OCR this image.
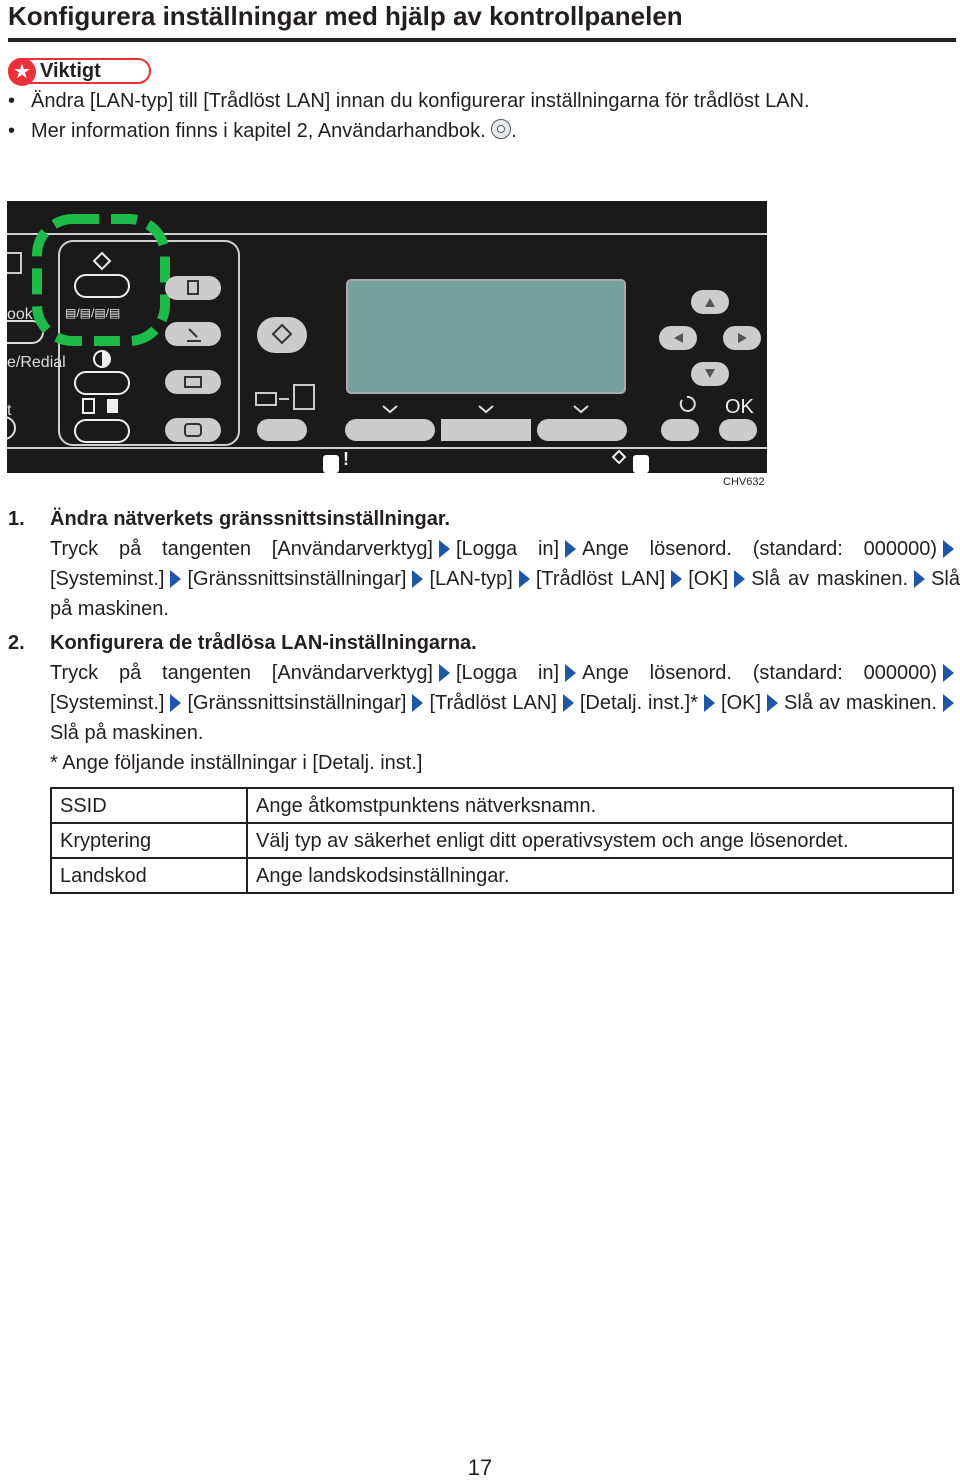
Konfigurera inställningar med hjälp av kontrollpanelen
★ Viktigt
• Ändra [LAN-typ] till [Trådlöst LAN] innan du konfigurerar inställningarna för trådlöst LAN.
• Mer information finns i kapitel 2, Användarhandbok. .
ook
e/Redial
t
▤/▤/▤/▤
!
OK
CHV632
1. Ändra nätverkets gränssnittsinställningar.
Tryck på tangenten [Användarverktyg] [Logga in] Ange lösenord. (standard: 000000)[Systeminst.] [Gränssnittsinställningar] [LAN-typ] [Trådlöst LAN] [OK] Slå av maskinen. Slå på maskinen.
2. Konfigurera de trådlösa LAN-inställningarna.
Tryck på tangenten [Användarverktyg] [Logga in] Ange lösenord. (standard: 000000)[Systeminst.] [Gränssnittsinställningar] [Trådlöst LAN] [Detalj. inst.]* [OK] Slå av maskinen.Slå på maskinen.
* Ange följande inställningar i [Detalj. inst.]
SSID	Ange åtkomstpunktens nätverksnamn.
Kryptering	Välj typ av säkerhet enligt ditt operativsystem och ange lösenordet.
Landskod	Ange landskodsinställningar.
17
